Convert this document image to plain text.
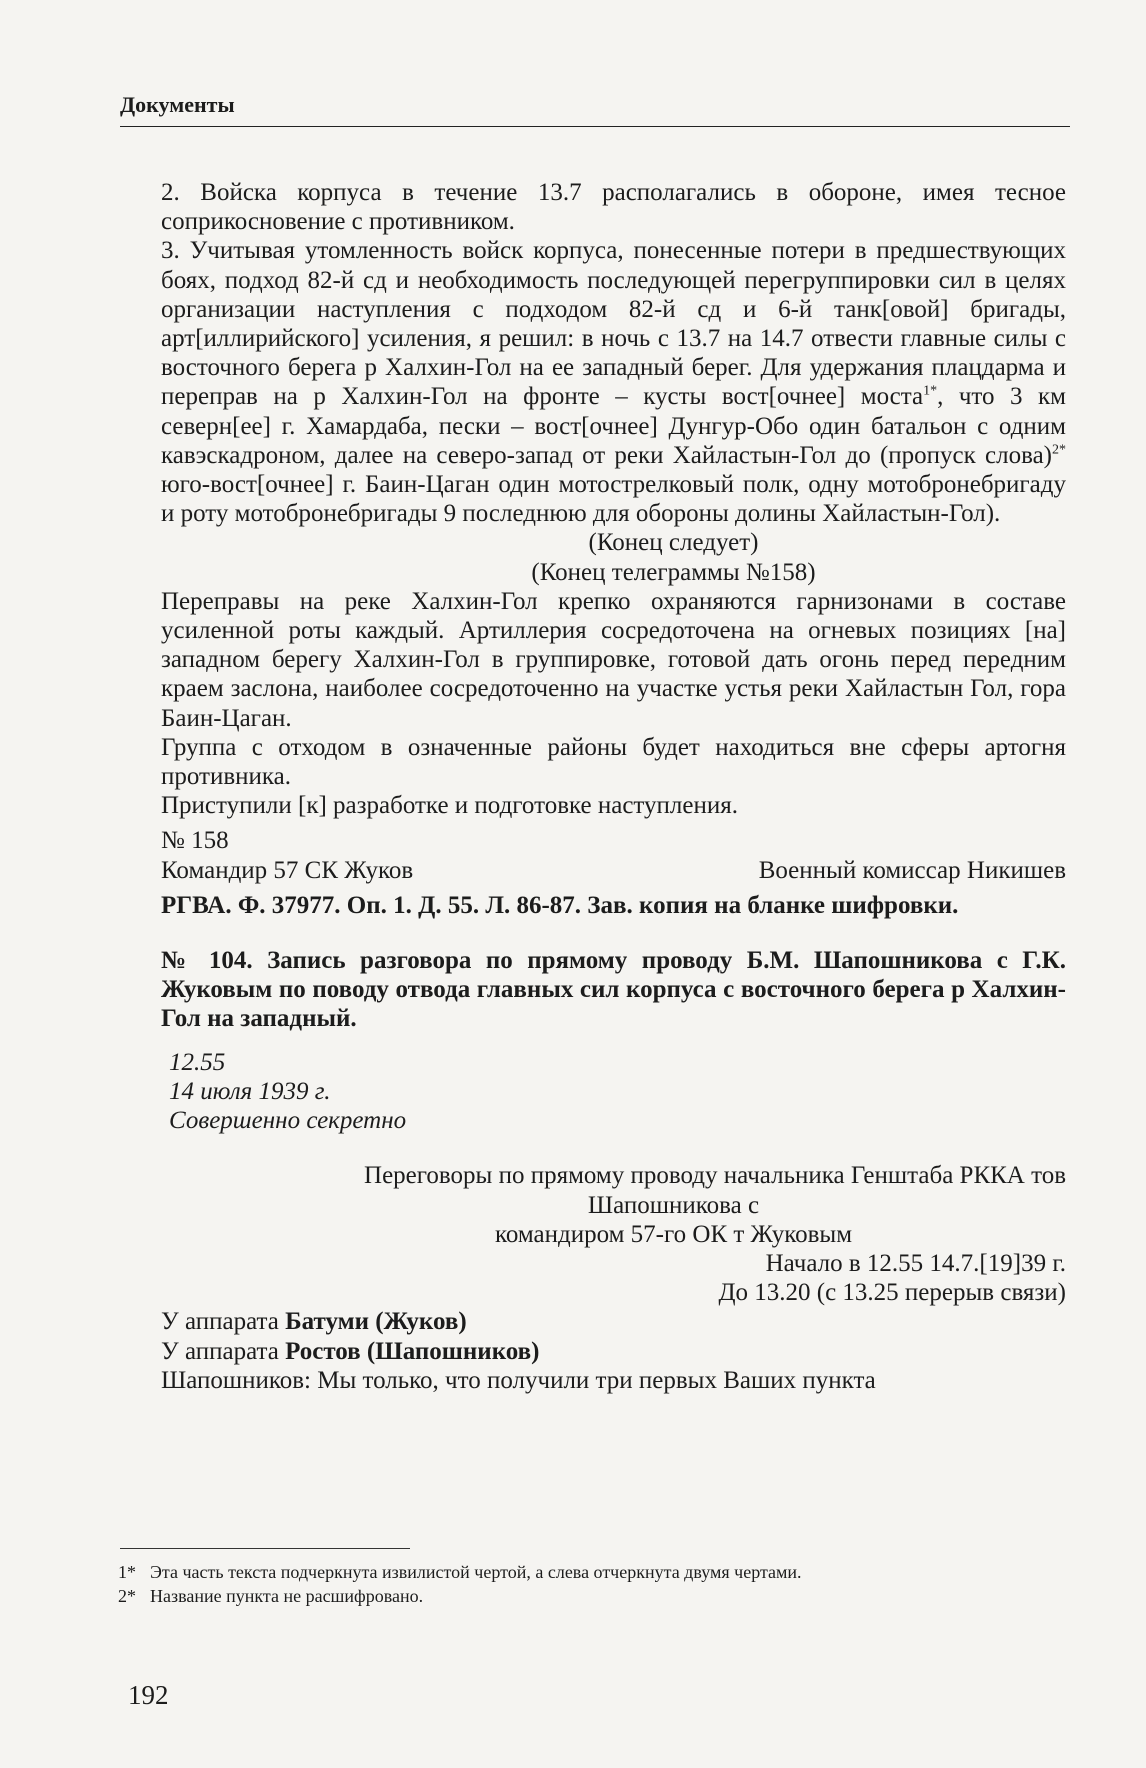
Документы

2. Войска корпуса в течение 13.7 располагались в обороне, имея тесное соприкосновение с противником.

3. Учитывая утомленность войск корпуса, понесенные потери в предшествующих боях, подход 82-й сд и необходимость последующей перегруппировки сил в целях организации наступления с подходом 82-й сд и 6-й танк[овой] бригады, арт[иллирийского] усиления, я решил: в ночь с 13.7 на 14.7 отвести главные силы с восточного берега р Халхин-Гол на ее западный берег. Для удержания плацдарма и переправ на р Халхин-Гол на фронте – кусты вост[очнее] моста$^{1*}$, что 3 км северн[ее] г. Хамардаба, пески – вост[очнее] Дунгур-Обо один батальон с одним кавэскадроном, далее на северо-запад от реки Хайластын-Гол до (пропуск слова)$^{2*}$ юго-вост[очнее] г. Баин-Цаган один мотострелковый полк, одну мотобронебригаду и роту мотобронебригады 9 последнюю для обороны долины Хайластын-Гол).

(Конец следует)

(Конец телеграммы №158)

Переправы на реке Халхин-Гол крепко охраняются гарнизонами в составе усиленной роты каждый. Артиллерия сосредоточена на огневых позициях [на] западном берегу Халхин-Гол в группировке, готовой дать огонь перед передним краем заслона, наиболее сосредоточенно на участке устья реки Хайластын Гол, гора Баин-Цаган.

Группа с отходом в означенные районы будет находиться вне сферы артогня противника.

Приступили [к] разработке и подготовке наступления.

№ 158

Командир 57 СК Жуков	Военный комиссар Никишев

РГВА. Ф. 37977. Оп. 1. Д. 55. Л. 86-87. Зав. копия на бланке шифровки.

№ 104. Запись разговора по прямому проводу Б.М. Шапошникова с Г.К. Жуковым по поводу отвода главных сил корпуса с восточного берега р Халхин-Гол на западный.

12.55
14 июля 1939 г.
Совершенно секретно

Переговоры по прямому проводу начальника Генштаба РККА тов

Шапошникова с

командиром 57-го ОК т Жуковым

Начало в 12.55 14.7.[19]39 г.

До 13.20 (с 13.25 перерыв связи)

У аппарата Батуми (Жуков)

У аппарата Ростов (Шапошников)

Шапошников: Мы только, что получили три первых Ваших пункта

1* Эта часть текста подчеркнута извилистой чертой, а слева отчеркнута двумя чертами.
2* Название пункта не расшифровано.
192
